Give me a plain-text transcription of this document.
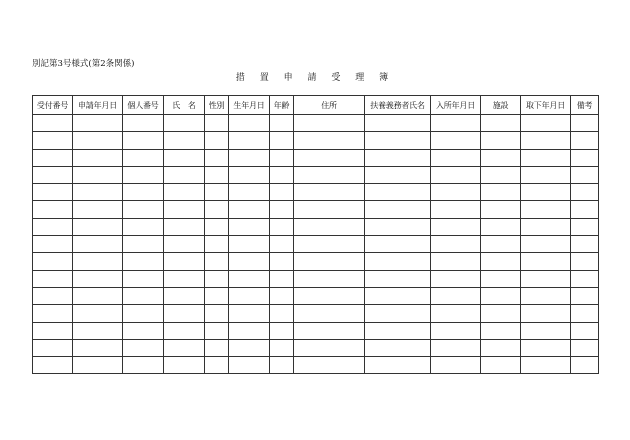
別記第3号様式(第2条関係)
措 置 申 請 受 理 簿
受付番号	申請年月日	個人番号	氏　名	性別	生年月日	年齢	住所	扶養義務者氏名	入所年月日	施設	取下年月日	備考
